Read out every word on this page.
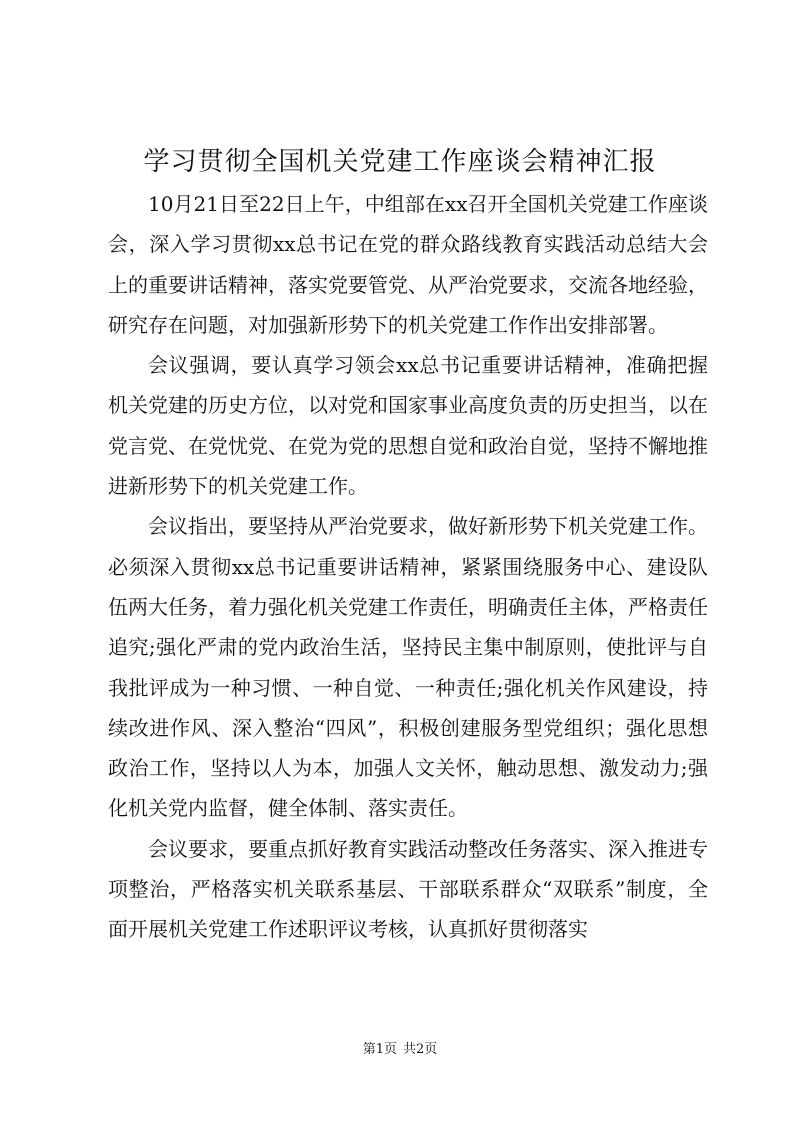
学习贯彻全国机关党建工作座谈会精神汇报

10月21日至22日上午，中组部在xx召开全国机关党建工作座谈会，深入学习贯彻xx总书记在党的群众路线教育实践活动总结大会上的重要讲话精神，落实党要管党、从严治党要求，交流各地经验，研究存在问题，对加强新形势下的机关党建工作作出安排部署。

会议强调，要认真学习领会xx总书记重要讲话精神，准确把握机关党建的历史方位，以对党和国家事业高度负责的历史担当，以在党言党、在党忧党、在党为党的思想自觉和政治自觉，坚持不懈地推进新形势下的机关党建工作。

会议指出，要坚持从严治党要求，做好新形势下机关党建工作。必须深入贯彻xx总书记重要讲话精神，紧紧围绕服务中心、建设队伍两大任务，着力强化机关党建工作责任，明确责任主体，严格责任追究;强化严肃的党内政治生活，坚持民主集中制原则，使批评与自我批评成为一种习惯、一种自觉、一种责任;强化机关作风建设，持续改进作风、深入整治“四风”，积极创建服务型党组织；强化思想政治工作，坚持以人为本，加强人文关怀，触动思想、激发动力;强化机关党内监督，健全体制、落实责任。

会议要求，要重点抓好教育实践活动整改任务落实、深入推进专项整治，严格落实机关联系基层、干部联系群众“双联系”制度，全面开展机关党建工作述职评议考核，认真抓好贯彻落实

第1页 共2页
